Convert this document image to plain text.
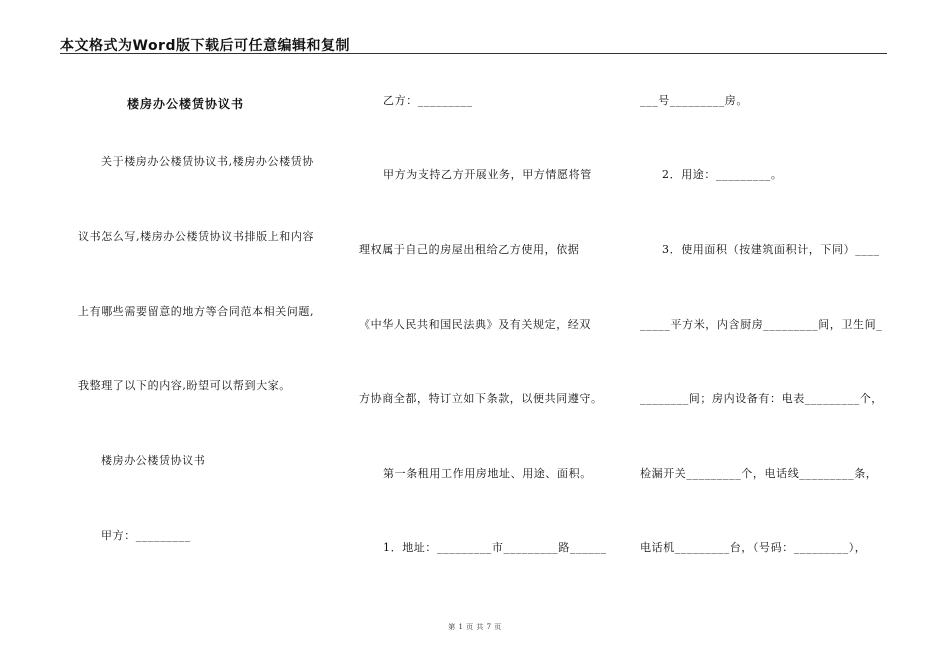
本文格式为Word版下载后可任意编辑和复制
楼房办公楼赁协议书
关于楼房办公楼赁协议书,楼房办公楼赁协
议书怎么写,楼房办公楼赁协议书排版上和内容
上有哪些需要留意的地方等合同范本相关问题,
我整理了以下的内容,盼望可以帮到大家。
楼房办公楼赁协议书
甲方：_________
乙方：_________
甲方为支持乙方开展业务，甲方情愿将管
理权属于自己的房屋出租给乙方使用，依据
《中华人民共和国民法典》及有关规定，经双
方协商全都，特订立如下条款，以便共同遵守。
第一条租用工作用房地址、用途、面积。
1．地址：_________市_________路______
___号_________房。
2．用途：_________。
3．使用面积（按建筑面积计，下同）____
_____平方米，内含厨房_________间，卫生间_
________间；房内设备有：电表_________个，
检漏开关_________个，电话线_________条，
电话机_________台，（号码：_________），
第 1 页 共 7 页
